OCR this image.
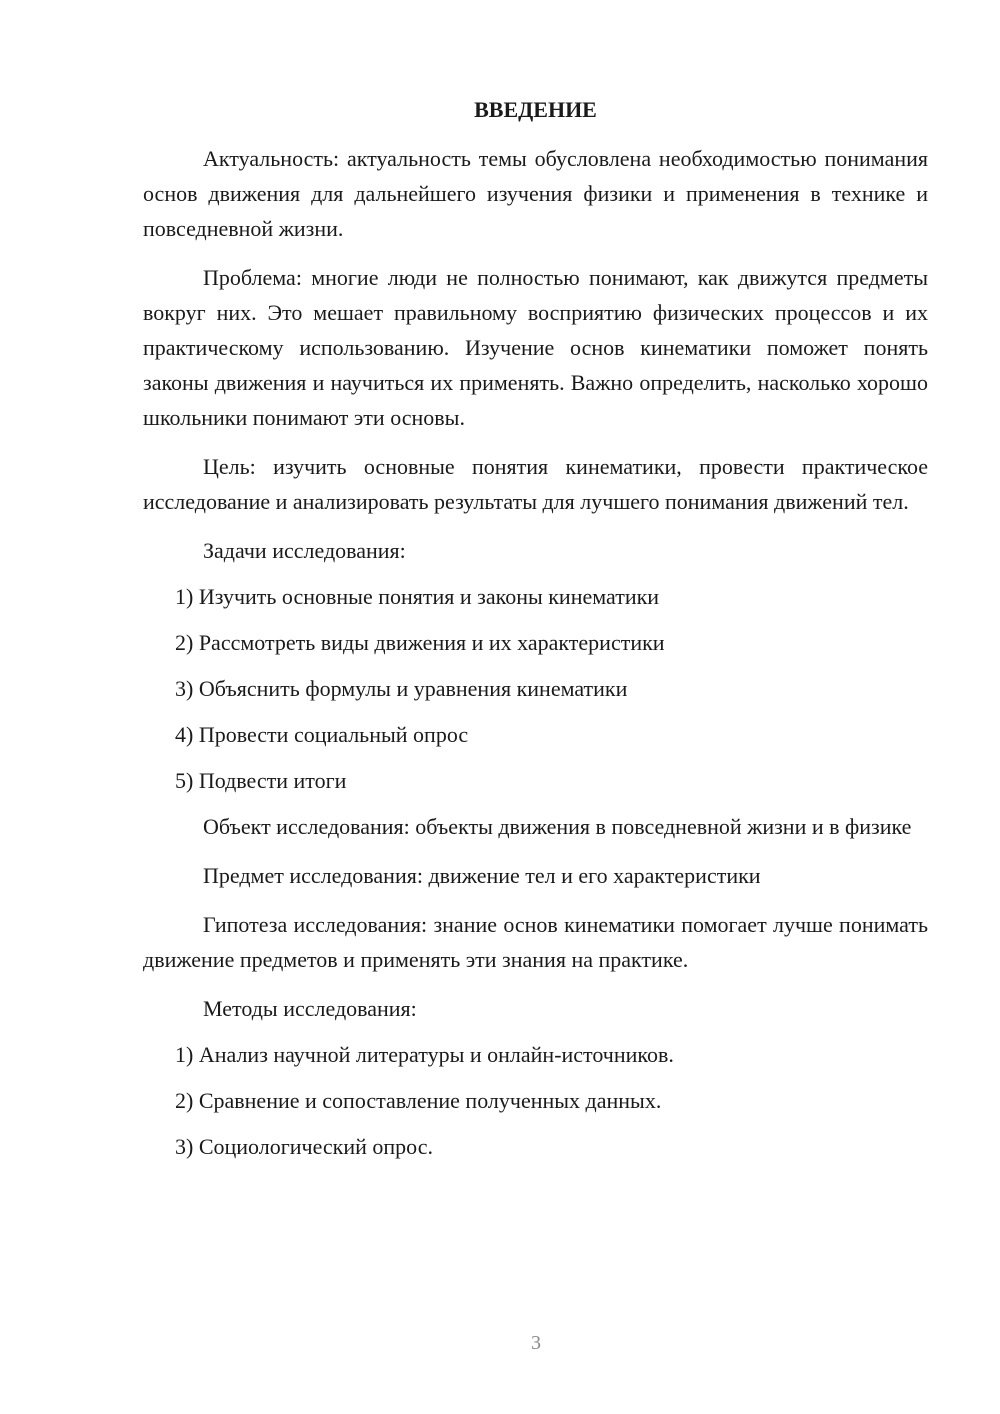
ВВЕДЕНИЕ

Актуальность: актуальность темы обусловлена необходимостью понимания основ движения для дальнейшего изучения физики и применения в технике и повседневной жизни.

Проблема: многие люди не полностью понимают, как движутся предметы вокруг них. Это мешает правильному восприятию физических процессов и их практическому использованию. Изучение основ кинематики поможет понять законы движения и научиться их применять. Важно определить, насколько хорошо школьники понимают эти основы.

Цель: изучить основные понятия кинематики, провести практическое исследование и анализировать результаты для лучшего понимания движений тел.

Задачи исследования:

1) Изучить основные понятия и законы кинематики
2) Рассмотреть виды движения и их характеристики
3) Объяснить формулы и уравнения кинематики
4) Провести социальный опрос
5) Подвести итоги

Объект исследования: объекты движения в повседневной жизни и в физике

Предмет исследования: движение тел и его характеристики

Гипотеза исследования: знание основ кинематики помогает лучше понимать движение предметов и применять эти знания на практике.

Методы исследования:

1) Анализ научной литературы и онлайн-источников.
2) Сравнение и сопоставление полученных данных.
3) Социологический опрос.
3
